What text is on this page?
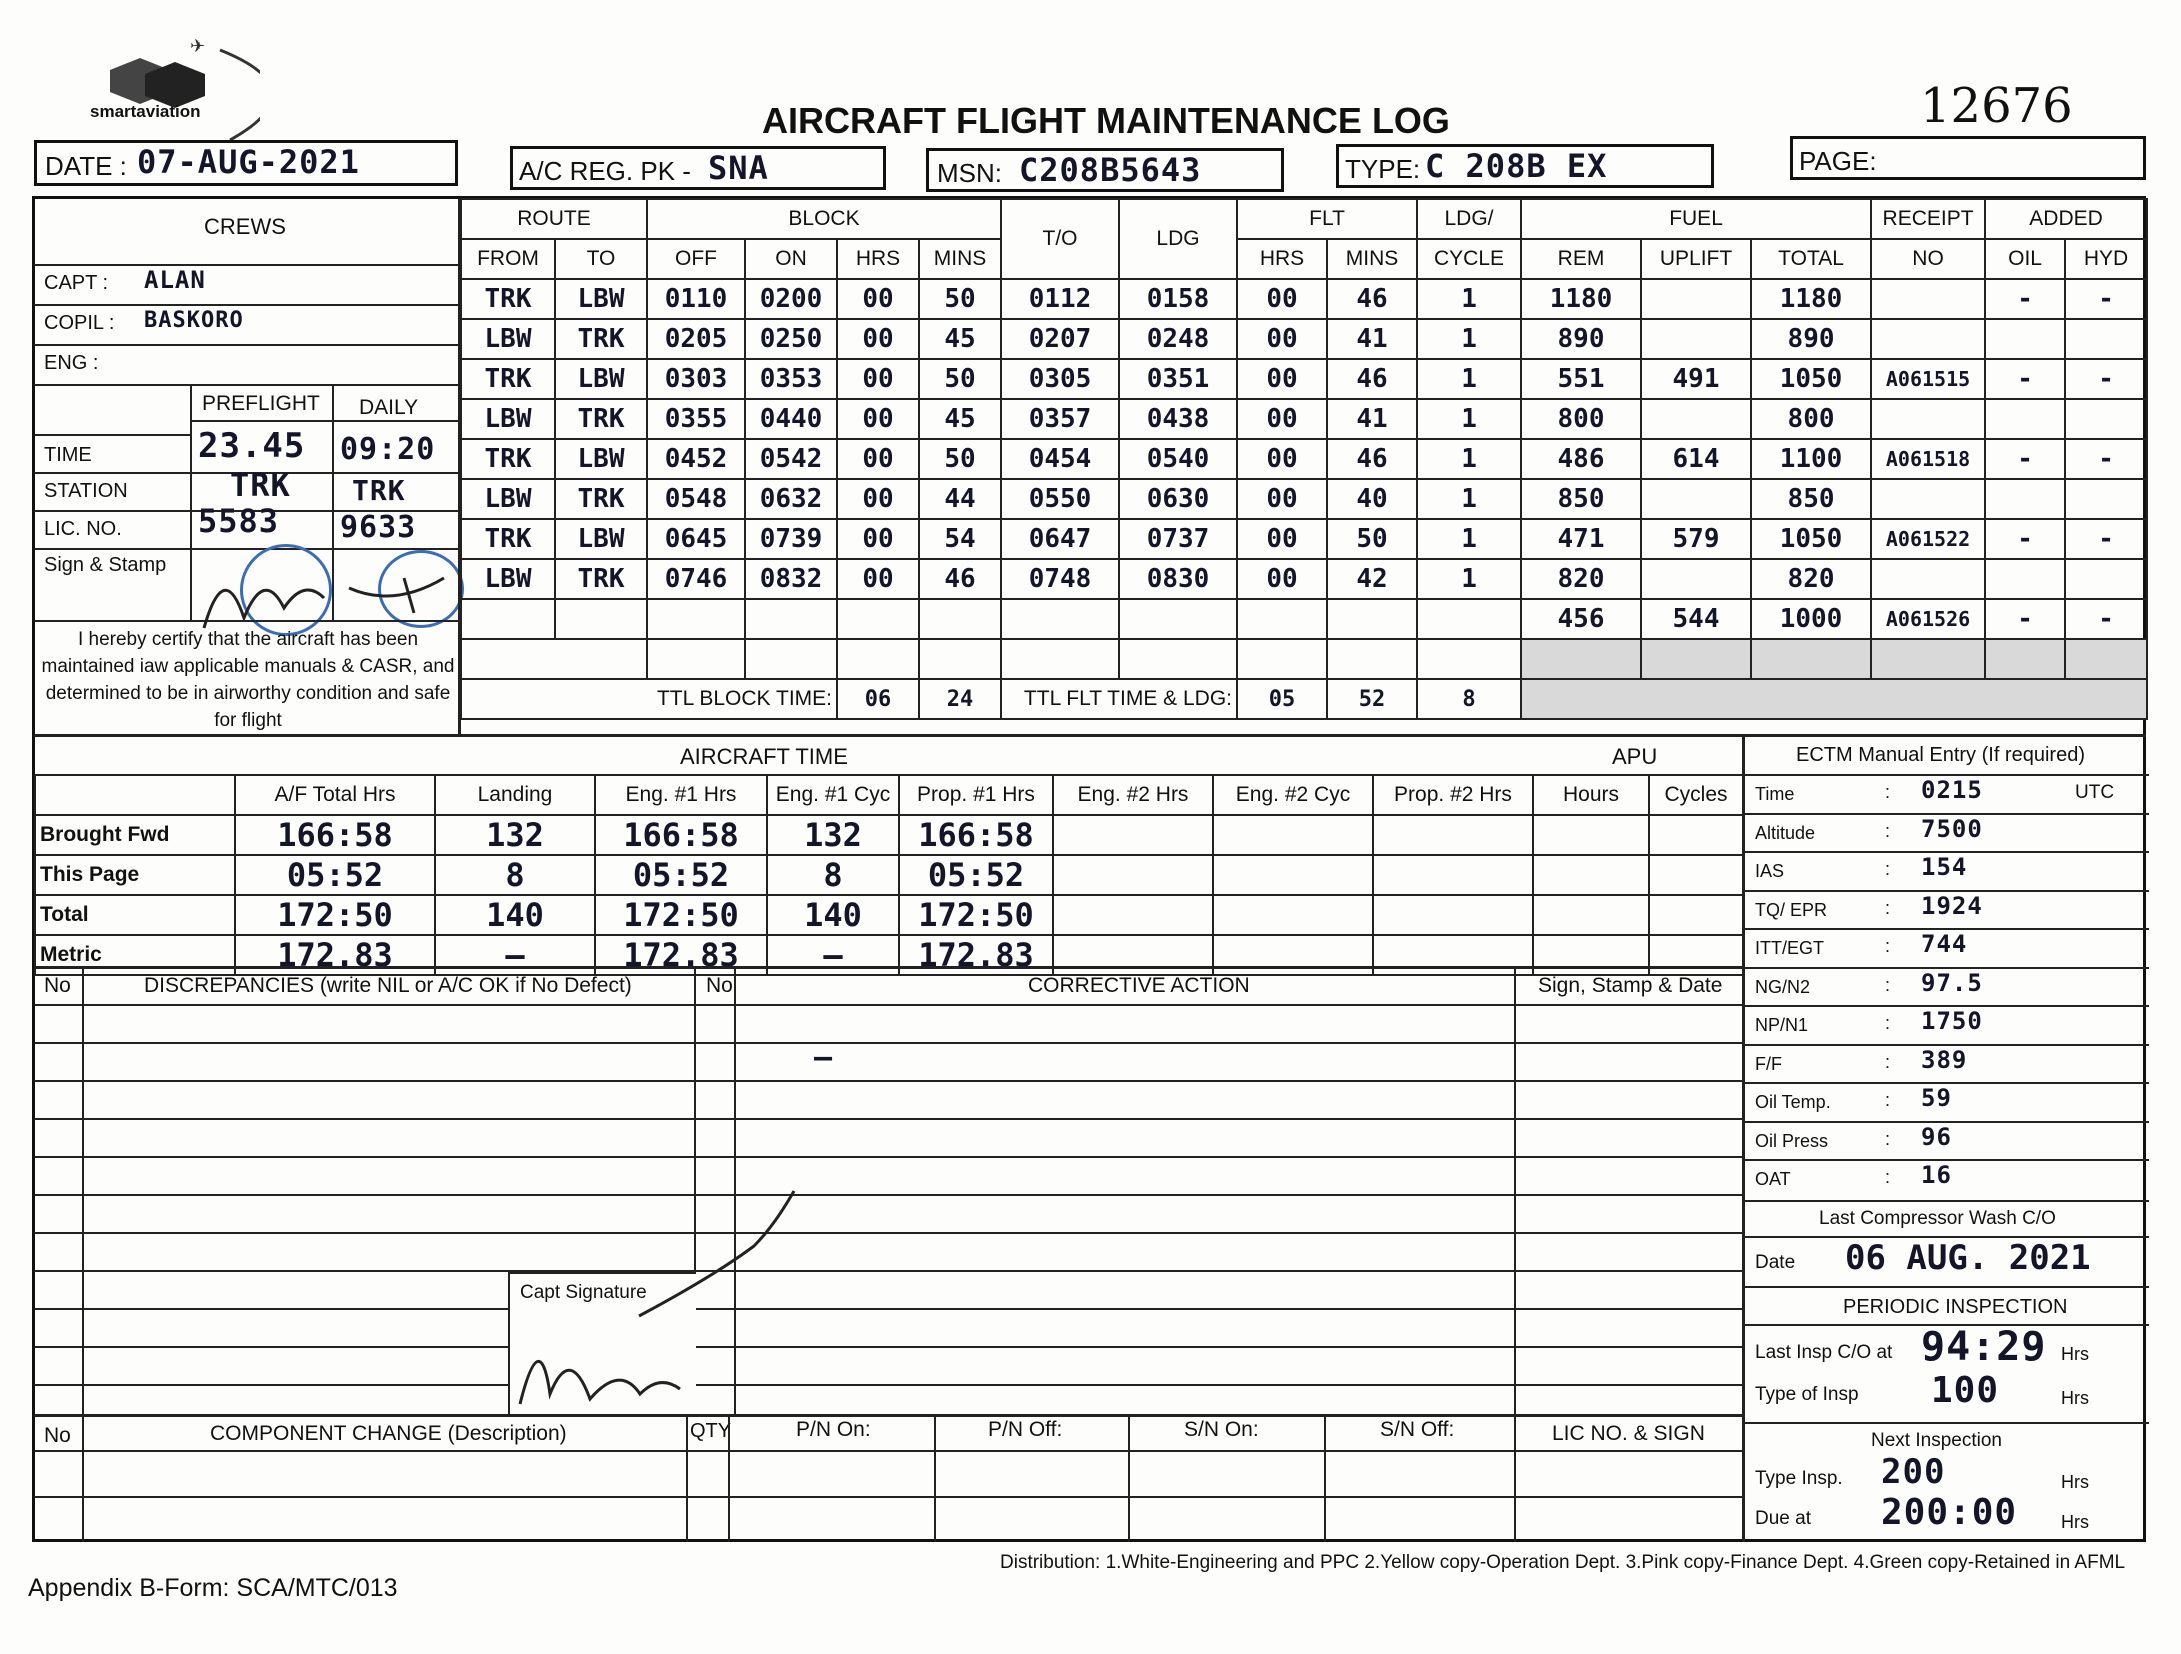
✈
smartaviation	AIRCRAFT FLIGHT MAINTENANCE LOG	12676
DATE : 07-AUG-2021	A/C REG. PK - SNA	MSN: C208B5643	TYPE: C 208B EX	PAGE:
CREWS
CAPT : ALAN
COPIL : BASKORO
ENG :
PREFLIGHT DAILY
TIME	23.45 09:20
STATION	TRK TRK
LIC. NO. 5583 9633
Sign & Stamp
I hereby certify that the aircraft has been maintained iaw applicable manuals & CASR, and determined to be in airworthy condition and safe for flight
ROUTE		BLOCK				T/O	LDG	FLT		LDG/	FUEL			RECEIPT	ADDED	
FROM	TO	OFF	ON	HRS	MINS			HRS	MINS	CYCLE	REM	UPLIFT	TOTAL	NO	OIL	HYD
TRK	LBW	0110	0200	00	50	0112	0158	00	46	1	1180		1180		-	-
LBW	TRK	0205	0250	00	45	0207	0248	00	41	1	890		890			
TRK	LBW	0303	0353	00	50	0305	0351	00	46	1	551	491	1050	A061515	-	-
LBW	TRK	0355	0440	00	45	0357	0438	00	41	1	800		800			
TRK	LBW	0452	0542	00	50	0454	0540	00	46	1	486	614	1100	A061518	-	-
LBW	TRK	0548	0632	00	44	0550	0630	00	40	1	850		850			
TRK	LBW	0645	0739	00	54	0647	0737	00	50	1	471	579	1050	A061522	-	-
LBW	TRK	0746	0832	00	46	0748	0830	00	42	1	820		820			
											456	544	1000	A061526	-	-

TTL BLOCK TIME:				06	24	TTL FLT TIME & LDG:		05	52	8						
AIRCRAFT TIME	APU	ECTM Manual Entry (If required)
	A/F Total Hrs	Landing	Eng. #1 Hrs	Eng. #1 Cyc	Prop. #1 Hrs	Eng. #2 Hrs	Eng. #2 Cyc	Prop. #2 Hrs	Hours	Cycles
Brought Fwd	166:58	132	166:58	132	166:58					
This Page	05:52	8	05:52	8	05:52					
Total	172:50	140	172:50	140	172:50					
Metric	172.83	—	172.83	—	172.83					
UTC
Time	: 0215
Altitude	: 7500
IAS	: 154
TQ/ EPR	: 1924
ITT/EGT	: 744
NG/N2	: 97.5
NP/N1	: 1750
F/F	: 389
Oil Temp.	: 59
Oil Press	: 96
OAT	: 16
Last Compressor Wash C/O
Date 06 AUG. 2021
PERIODIC INSPECTION
Last Insp C/O at 94:29 Hrs
Type of Insp 100	Hrs
Next Inspection
Type Insp. 200	Hrs
Due at 200:00 Hrs
No	DISCREPANCIES (write NIL or A/C OK if No Defect)	No	CORRECTIVE ACTION	Sign, Stamp & Date
—
Capt Signature
No	COMPONENT CHANGE (Description)	QTY	P/N On:	P/N Off:	S/N On:	S/N Off:	LIC NO. & SIGN
Appendix B-Form: SCA/MTC/013
Distribution: 1.White-Engineering and PPC 2.Yellow copy-Operation Dept. 3.Pink copy-Finance Dept. 4.Green copy-Retained in AFML
